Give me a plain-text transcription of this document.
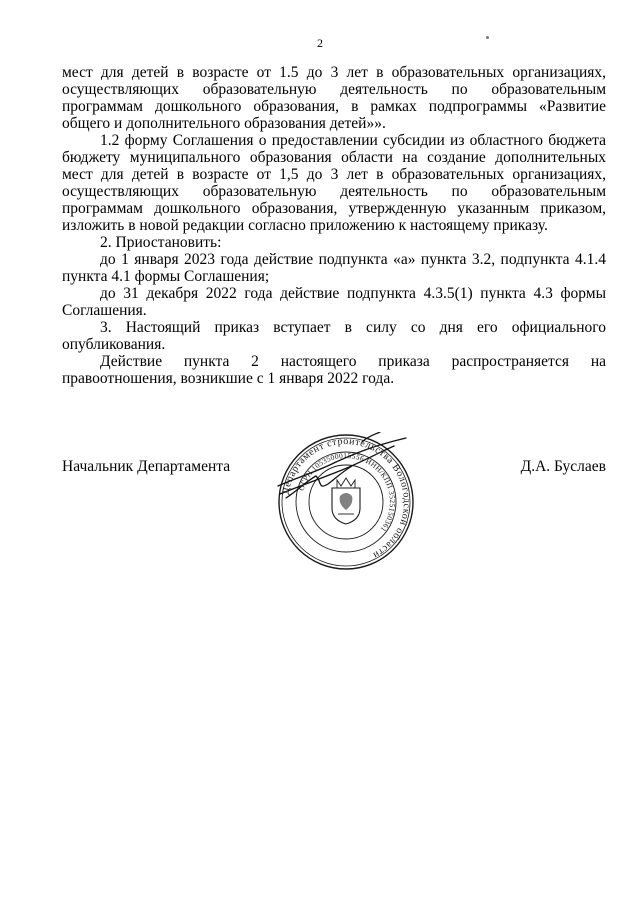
2

мест для детей в возрасте от 1.5 до 3 лет в образовательных организациях, осуществляющих образовательную деятельность по образовательным программам дошкольного образования, в рамках подпрограммы «Развитие общего и дополнительного образования детей»».

1.2 форму Соглашения о предоставлении субсидии из областного бюджета бюджету муниципального образования области на создание дополнительных мест для детей в возрасте от 1,5 до 3 лет в образовательных организациях, осуществляющих образовательную деятельность по образовательным программам дошкольного образования, утвержденную указанным приказом, изложить в новой редакции согласно приложению к настоящему приказу.

2. Приостановить:

до 1 января 2023 года действие подпункта «а» пункта 3.2, подпункта 4.1.4 пункта 4.1 формы Соглашения;

до 31 декабря 2022 года действие подпункта 4.3.5(1) пункта 4.3 формы Соглашения.

3. Настоящий приказ вступает в силу со дня его официального опубликования.

Действие пункта 2 настоящего приказа распространяется на правоотношения, возникшие с 1 января 2022 года.

Начальник Департамента	Д.А. Буслаев
Департамент строительства Вологодской области
ОГРН 1053500015556 ИНН/КПП 3525150361
